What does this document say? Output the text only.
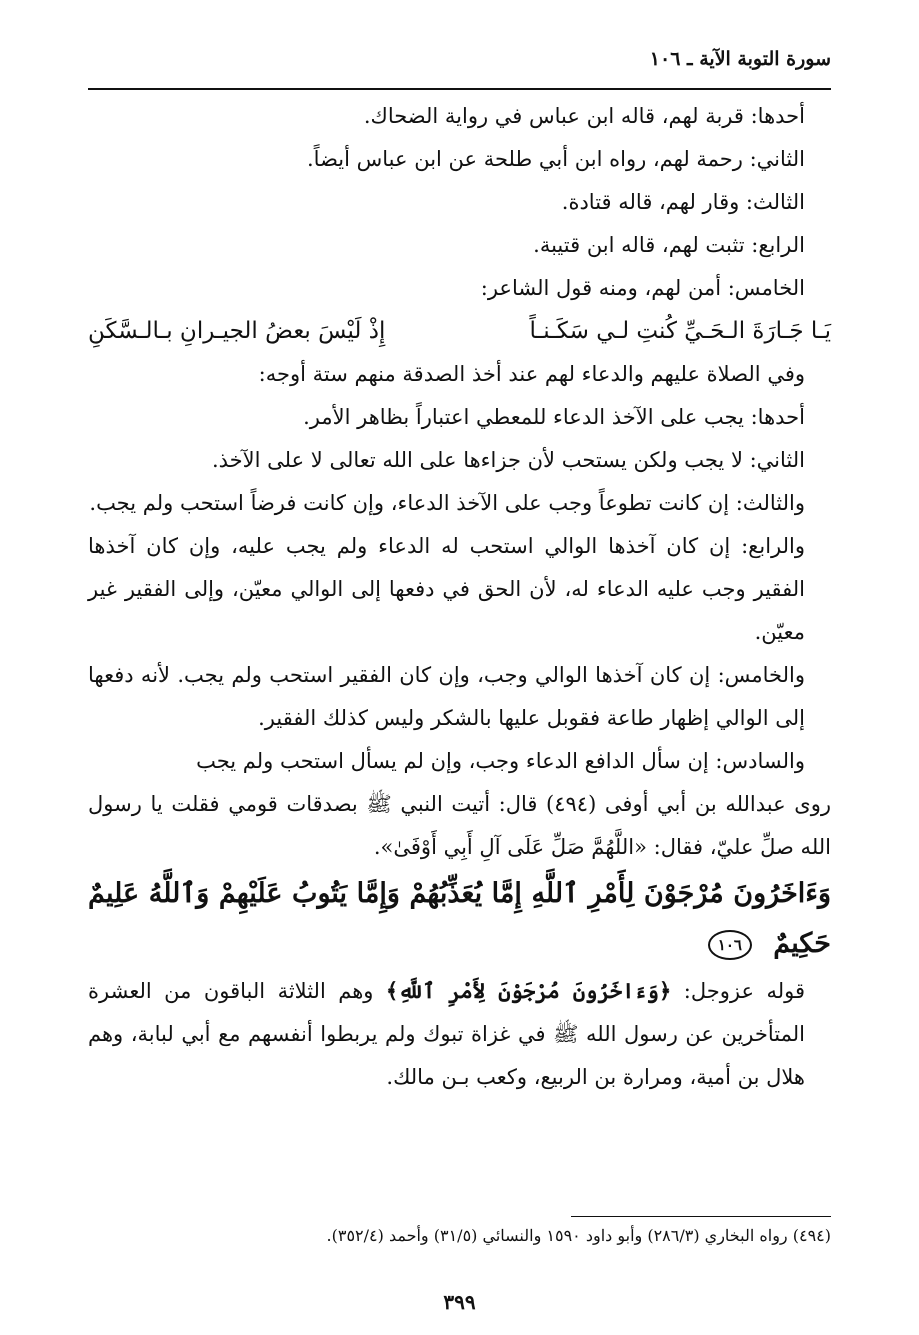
سورة التوبة الآية ـ ١٠٦

أحدها: قربة لهم، قاله ابن عباس في رواية الضحاك.

الثاني: رحمة لهم، رواه ابن أبي طلحة عن ابن عباس أيضاً.

الثالث: وقار لهم، قاله قتادة.

الرابع: تثبت لهم، قاله ابن قتيبة.

الخامس: أمن لهم، ومنه قول الشاعر:

يَـا جَـارَةَ الـحَـيِّ كُنتِ لـي سَكَـنـاً
إِذْ لَيْسَ بعضُ الجيـرانِ بـالـسَّكَنِ

وفي الصلاة عليهم والدعاء لهم عند أخذ الصدقة منهم ستة أوجه:

أحدها: يجب على الآخذ الدعاء للمعطي اعتباراً بظاهر الأمر.

الثاني: لا يجب ولكن يستحب لأن جزاءها على الله تعالى لا على الآخذ.

والثالث: إن كانت تطوعاً وجب على الآخذ الدعاء، وإن كانت فرضاً استحب ولم يجب.

والرابع: إن كان آخذها الوالي استحب له الدعاء ولم يجب عليه، وإن كان آخذها الفقير وجب عليه الدعاء له، لأن الحق في دفعها إلى الوالي معيّن، وإلى الفقير غير معيّن.

والخامس: إن كان آخذها الوالي وجب، وإن كان الفقير استحب ولم يجب. لأنه دفعها إلى الوالي إظهار طاعة فقوبل عليها بالشكر وليس كذلك الفقير.

والسادس: إن سأل الدافع الدعاء وجب، وإن لم يسأل استحب ولم يجب

روى عبدالله بن أبي أوفى (٤٩٤) قال: أتيت النبي ﷺ بصدقات قومي فقلت يا رسول الله صلِّ عليّ، فقال: «اللَّهُمَّ صَلِّ عَلَى آلِ أَبِي أَوْفَىٰ».

وَءَاخَرُونَ مُرْجَوْنَ لِأَمْرِ ٱللَّهِ إِمَّا يُعَذِّبُهُمْ وَإِمَّا يَتُوبُ عَلَيْهِمْ وَٱللَّهُ عَلِيمٌ حَكِيمٌ ١٠٦

قوله عزوجل: ﴿وَءَاخَرُونَ مُرْجَوْنَ لِأَمْرِ ٱللَّهِ﴾ وهم الثلاثة الباقون من العشرة المتأخرين عن رسول الله ﷺ في غزاة تبوك ولم يربطوا أنفسهم مع أبي لبابة، وهم هلال بن أمية، ومرارة بن الربيع، وكعب بـن مالك.

(٤٩٤) رواه البخاري (٢٨٦/٣) وأبو داود ١٥٩٠ والنسائي (٣١/٥) وأحمد (٣٥٢/٤).
٣٩٩
